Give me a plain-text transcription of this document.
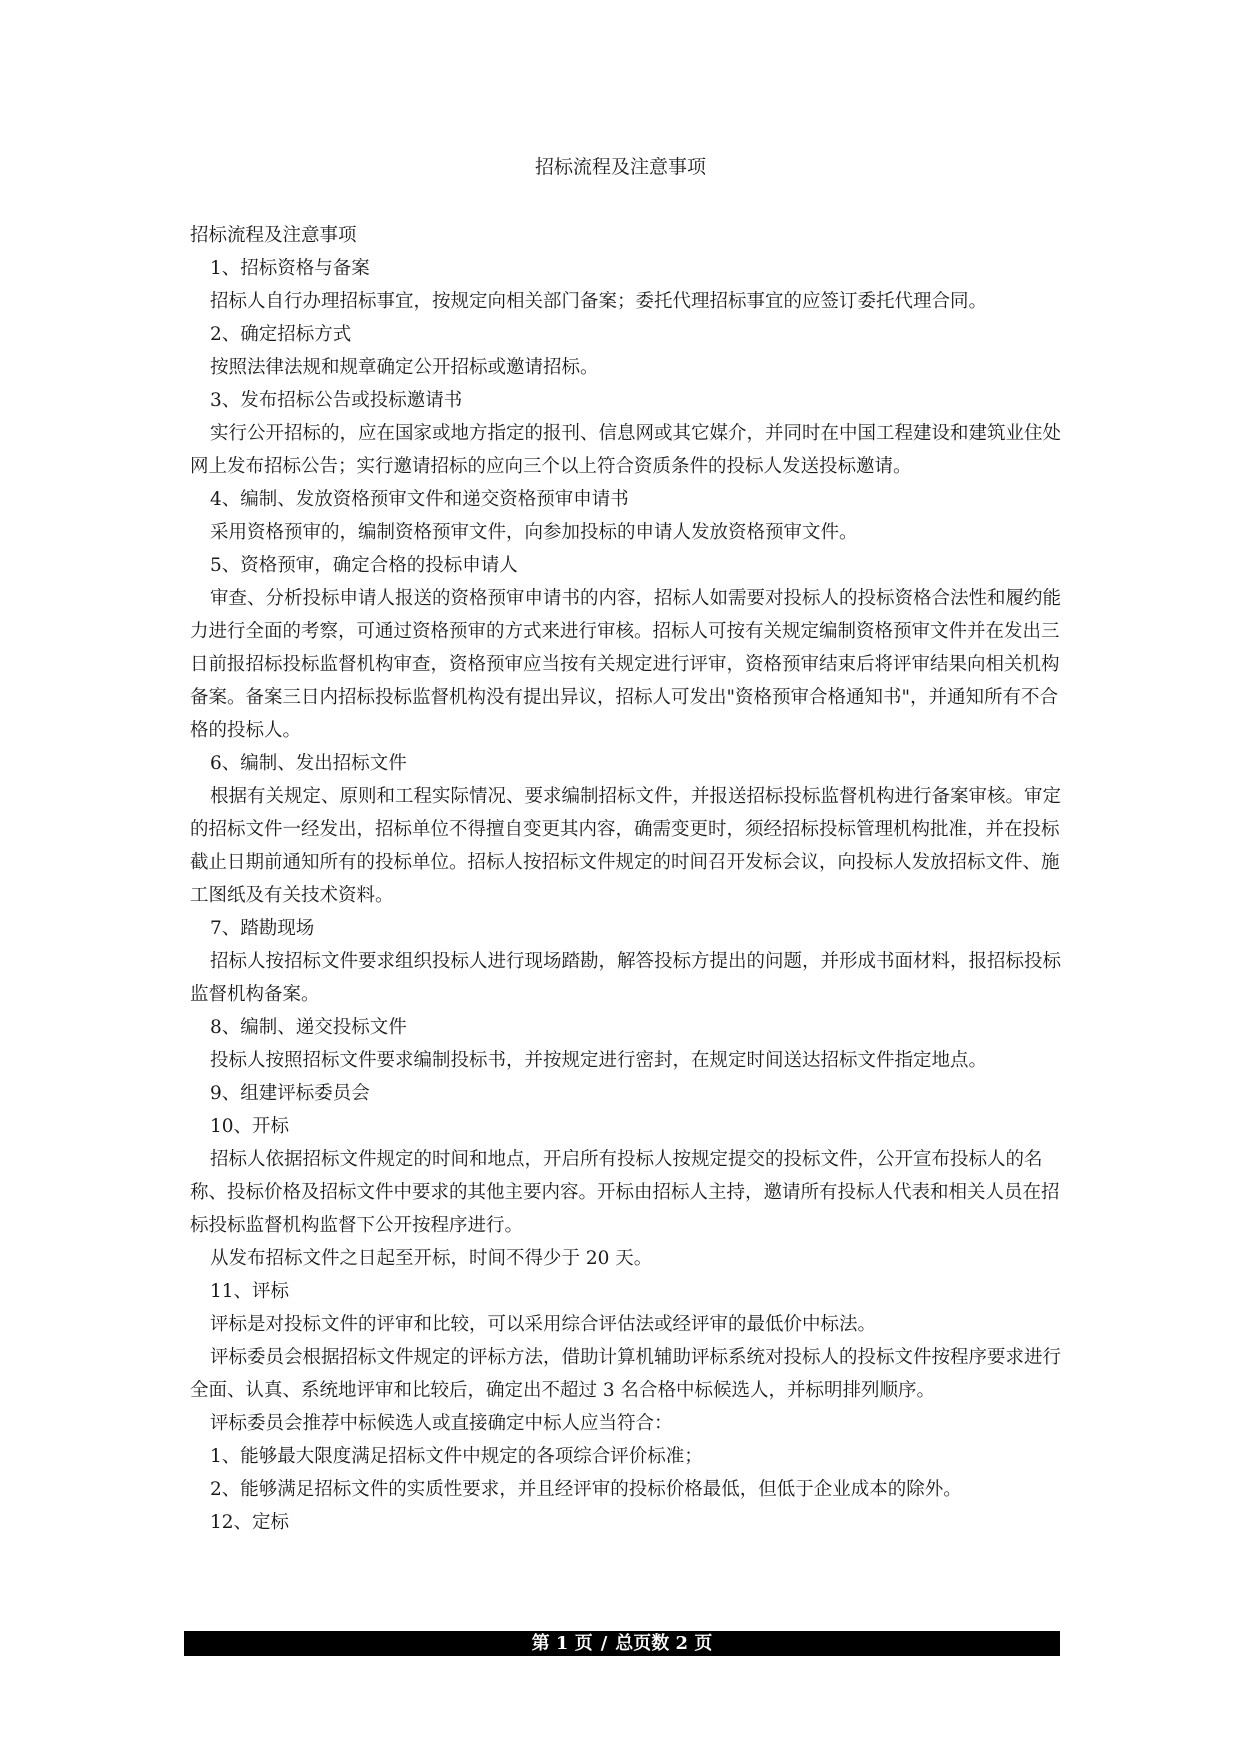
招标流程及注意事项

招标流程及注意事项

1、招标资格与备案

招标人自行办理招标事宜，按规定向相关部门备案；委托代理招标事宜的应签订委托代理合同。

2、确定招标方式

按照法律法规和规章确定公开招标或邀请招标。

3、发布招标公告或投标邀请书

实行公开招标的，应在国家或地方指定的报刊、信息网或其它媒介，并同时在中国工程建设和建筑业住处网上发布招标公告；实行邀请招标的应向三个以上符合资质条件的投标人发送投标邀请。

4、编制、发放资格预审文件和递交资格预审申请书

采用资格预审的，编制资格预审文件，向参加投标的申请人发放资格预审文件。

5、资格预审，确定合格的投标申请人

审查、分析投标申请人报送的资格预审申请书的内容，招标人如需要对投标人的投标资格合法性和履约能力进行全面的考察，可通过资格预审的方式来进行审核。招标人可按有关规定编制资格预审文件并在发出三日前报招标投标监督机构审查，资格预审应当按有关规定进行评审，资格预审结束后将评审结果向相关机构备案。备案三日内招标投标监督机构没有提出异议，招标人可发出"资格预审合格通知书"，并通知所有不合格的投标人。

6、编制、发出招标文件

根据有关规定、原则和工程实际情况、要求编制招标文件，并报送招标投标监督机构进行备案审核。审定的招标文件一经发出，招标单位不得擅自变更其内容，确需变更时，须经招标投标管理机构批准，并在投标截止日期前通知所有的投标单位。招标人按招标文件规定的时间召开发标会议，向投标人发放招标文件、施工图纸及有关技术资料。

7、踏勘现场

招标人按招标文件要求组织投标人进行现场踏勘，解答投标方提出的问题，并形成书面材料，报招标投标监督机构备案。

8、编制、递交投标文件

投标人按照招标文件要求编制投标书，并按规定进行密封，在规定时间送达招标文件指定地点。

9、组建评标委员会

10、开标

招标人依据招标文件规定的时间和地点，开启所有投标人按规定提交的投标文件，公开宣布投标人的名称、投标价格及招标文件中要求的其他主要内容。开标由招标人主持，邀请所有投标人代表和相关人员在招标投标监督机构监督下公开按程序进行。

从发布招标文件之日起至开标，时间不得少于 20 天。

11、评标

评标是对投标文件的评审和比较，可以采用综合评估法或经评审的最低价中标法。

评标委员会根据招标文件规定的评标方法，借助计算机辅助评标系统对投标人的投标文件按程序要求进行全面、认真、系统地评审和比较后，确定出不超过 3 名合格中标候选人，并标明排列顺序。

评标委员会推荐中标候选人或直接确定中标人应当符合：

1、能够最大限度满足招标文件中规定的各项综合评价标准；

2、能够满足招标文件的实质性要求，并且经评审的投标价格最低，但低于企业成本的除外。

12、定标

第 1 页 / 总页数 2 页
